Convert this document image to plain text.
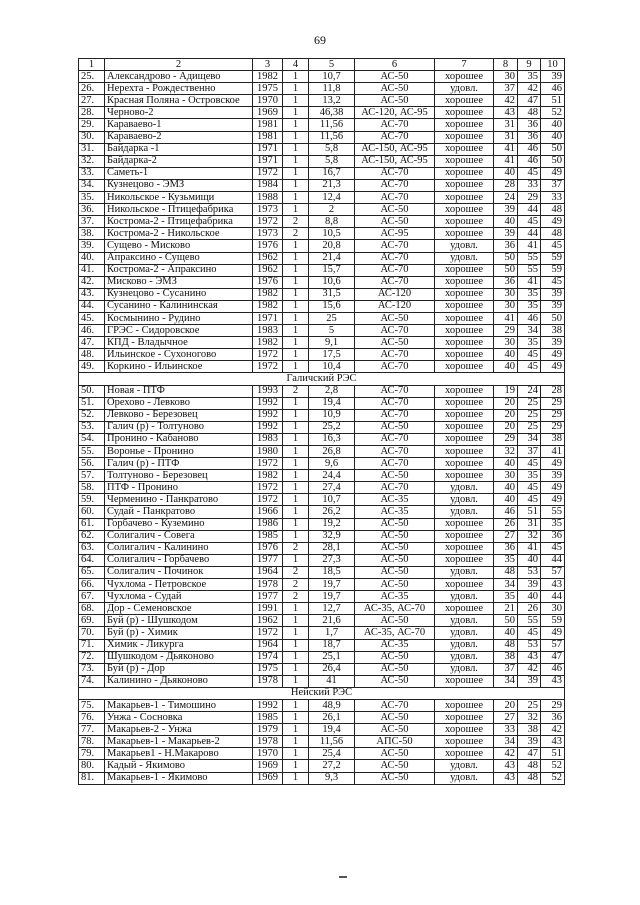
69
1	2	3	4	5	6	7	8	9	10
25.	Александрово - Адищево	1982	1	10,7	АС-50	хорошее	30	35	39
26.	Нерехта - Рождественно	1975	1	11,8	АС-50	удовл.	37	42	46
27.	Красная Поляна - Островское	1970	1	13,2	АС-50	хорошее	42	47	51
28.	Черново-2	1969	1	46,38	АС-120, АС-95	хорошее	43	48	52
29.	Караваево-1	1981	1	11,56	АС-70	хорошее	31	36	40
30.	Караваево-2	1981	1	11,56	АС-70	хорошее	31	36	40
31.	Байдарка -1	1971	1	5,8	АС-150, АС-95	хорошее	41	46	50
32.	Байдарка-2	1971	1	5,8	АС-150, АС-95	хорошее	41	46	50
33.	Саметь-1	1972	1	16,7	АС-70	хорошее	40	45	49
34.	Кузнецово - ЭМЗ	1984	1	21,3	АС-70	хорошее	28	33	37
35.	Никольское - Кузьмищи	1988	1	12,4	АС-70	хорошее	24	29	33
36.	Никольское - Птицефабрика	1973	1	2	АС-50	хорошее	39	44	48
37.	Кострома-2 - Птицефабрика	1972	2	8,8	АС-50	хорошее	40	45	49
38.	Кострома-2 - Никольское	1973	2	10,5	АС-95	хорошее	39	44	48
39.	Сущево - Мисково	1976	1	20,8	АС-70	удовл.	36	41	45
40.	Апраксино - Сущево	1962	1	21,4	АС-70	удовл.	50	55	59
41.	Кострома-2 - Апраксино	1962	1	15,7	АС-70	хорошее	50	55	59
42.	Мисково - ЭМЗ	1976	1	10,6	АС-70	хорошее	36	41	45
43.	Кузнецово - Сусанино	1982	1	31,5	АС-120	хорошее	30	35	39
44.	Сусанино - Калининская	1982	1	15,6	АС-120	хорошее	30	35	39
45.	Космынино - Рудино	1971	1	25	АС-50	хорошее	41	46	50
46.	ГРЭС - Сидоровское	1983	1	5	АС-70	хорошее	29	34	38
47.	КПД - Владычное	1982	1	9,1	АС-50	хорошее	30	35	39
48.	Ильинское - Сухоногово	1972	1	17,5	АС-70	хорошее	40	45	49
49.	Коркино - Ильинское	1972	1	10,4	АС-70	хорошее	40	45	49
Галичский РЭС									
50.	Новая - ПТФ	1993	2	2,8	АС-70	хорошее	19	24	28
51.	Орехово - Левково	1992	1	19,4	АС-70	хорошее	20	25	29
52.	Левково - Березовец	1992	1	10,9	АС-70	хорошее	20	25	29
53.	Галич (р) - Толтуново	1992	1	25,2	АС-50	хорошее	20	25	29
54.	Пронино - Кабаново	1983	1	16,3	АС-70	хорошее	29	34	38
55.	Воронье - Пронино	1980	1	26,8	АС-70	хорошее	32	37	41
56.	Галич (р) - ПТФ	1972	1	9,6	АС-70	хорошее	40	45	49
57.	Толтуново - Березовец	1982	1	24,4	АС-50	хорошее	30	35	39
58.	ПТФ - Пронино	1972	1	27,4	АС-70	удовл.	40	45	49
59.	Черменино - Панкратово	1972	1	10,7	АС-35	удовл.	40	45	49
60.	Судай - Панкратово	1966	1	26,2	АС-35	удовл.	46	51	55
61.	Горбачево - Куземино	1986	1	19,2	АС-50	хорошее	26	31	35
62.	Солигалич - Совега	1985	1	32,9	АС-50	хорошее	27	32	36
63.	Солигалич - Калинино	1976	2	28,1	АС-50	хорошее	36	41	45
64.	Солигалич - Горбачево	1977	1	27,3	АС-50	хорошее	35	40	44
65.	Солигалич - Починок	1964	2	18,5	АС-50	удовл.	48	53	57
66.	Чухлома - Петровское	1978	2	19,7	АС-50	хорошее	34	39	43
67.	Чухлома - Судай	1977	2	19,7	АС-35	удовл.	35	40	44
68.	Дор - Семеновское	1991	1	12,7	АС-35, АС-70	хорошее	21	26	30
69.	Буй (р) - Шушкодом	1962	1	21,6	АС-50	удовл.	50	55	59
70.	Буй (р) - Химик	1972	1	1,7	АС-35, АС-70	удовл.	40	45	49
71.	Химик - Ликурга	1964	1	18,7	АС-35	удовл.	48	53	57
72.	Шушкодом - Дьяконово	1974	1	25,1	АС-50	удовл.	38	43	47
73.	Буй (р) - Дор	1975	1	26,4	АС-50	удовл.	37	42	46
74.	Калинино - Дьяконово	1978	1	41	АС-50	хорошее	34	39	43
Нейский РЭС									
75.	Макарьев-1 - Тимошино	1992	1	48,9	АС-70	хорошее	20	25	29
76.	Унжа - Сосновка	1985	1	26,1	АС-50	хорошее	27	32	36
77.	Макарьев-2 - Унжа	1979	1	19,4	АС-50	хорошее	33	38	42
78.	Макарьев-1 - Макарьев-2	1978	1	11,56	АПС-50	хорошее	34	39	43
79.	Макарьев1 - Н.Макарово	1970	1	25,4	АС-50	хорошее	42	47	51
80.	Кадый - Якимово	1969	1	27,2	АС-50	удовл.	43	48	52
81.	Макарьев-1 - Якимово	1969	1	9,3	АС-50	удовл.	43	48	52
